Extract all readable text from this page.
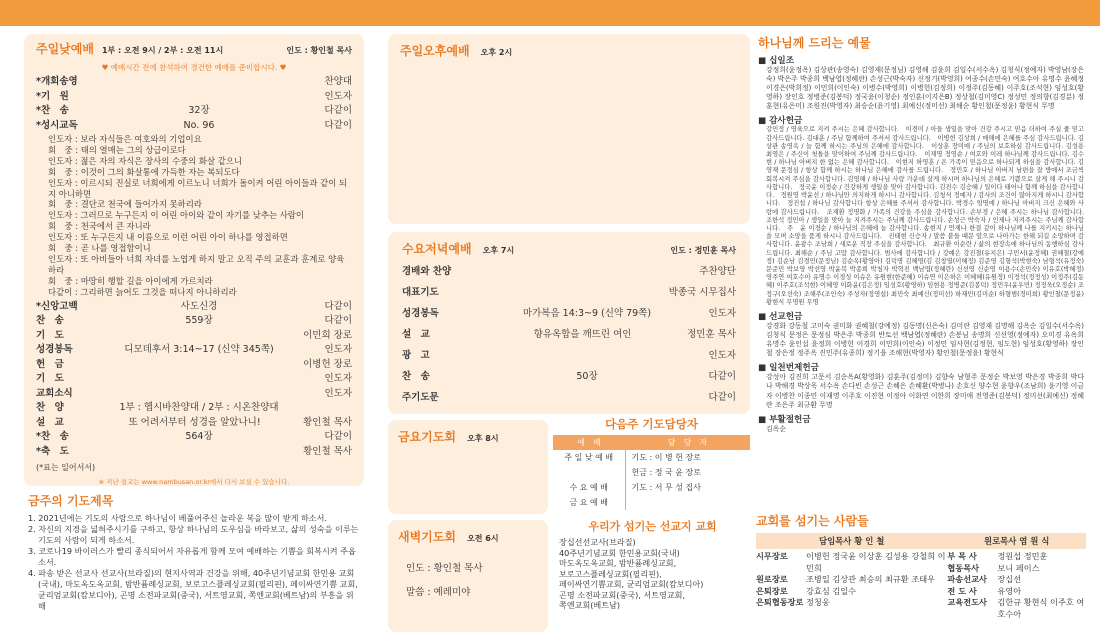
주일낮예배 1부 : 오전 9시 / 2부 : 오전 11시	인도 : 황인철 목사
♥ 예배시간 전에 참석하여 경건한 예배를 준비합시다. ♥
*개회송영	찬양대
*기　원	인도자
*찬　송	32장	다같이
*성시교독	No. 96	다같이
인도자 : 보라 자식들은 여호와의 기업이요
회　중 : 태의 열매는 그의 상급이로다
인도자 : 젊은 자의 자식은 장사의 수중의 화살 같으니
회　중 : 이것이 그의 화살통에 가득한 자는 복되도다
인도자 : 이르시되 진실로 너희에게 이르노니 너희가 돌이켜 어린 아이들과 같이 되지 아니하면
회　중 : 결단코 천국에 들어가지 못하리라
인도자 : 그러므로 누구든지 이 어린 아이와 같이 자기를 낮추는 사람이
회　중 : 천국에서 큰 자니라
인도자 : 또 누구든지 내 이름으로 이런 어린 아이 하나를 영접하면
회　중 : 곧 나를 영접함이니
인도자 : 또 아비들아 너희 자녀를 노엽게 하지 말고 오직 주의 교훈과 훈계로 양육하라
회　중 : 마땅히 행할 길을 아이에게 가르치라
다같이 : 그리하면 늙어도 그것을 떠나지 아니하리라
*신앙고백	사도신경	다같이
찬　송	559장	다같이
기　도	이민희 장로
성경봉독	디모데후서 3:14~17 (신약 345쪽)	인도자
헌　금	이병헌 장로
기　도	인도자
교회소식	인도자
찬　양	1부 : 헵시바찬양대 / 2부 : 시온찬양대
설　교	또 어려서부터 성경을 알았나니!	황인철 목사
*찬　송	564장	다같이
*축　도	황인철 목사
(*표는 일어서서)
※ 지난 설교는 www.nambusan.or.kr에서 다시 보실 수 있습니다.
금주의 기도제목
1. 2021년에는 기도의 사람으로 하나님이 베풀어주신 놀라운 복을 많이 받게 하소서.
2. 자신의 지경을 넓혀주시기를 구하고, 항상 하나님의 도우심을 바라보고, 삶의 성숙을 이루는 기도의 사람이 되게 하소서.
3. 코로나19 바이러스가 빨리 종식되어서 자유롭게 함께 모여 예배하는 기쁨을 회복시켜 주옵소서.
4. 파송 받은 선교사 선교사(브라질)의 현지사역과 건강을 위해, 40주년기념교회 한민용 교회(국내), 마도옥도옥교회, 밤반퓸례싱교회, 보로고스플레싱교회(필리핀), 페이싸연기쁨 교회, 균리엄교회(캄보디아), 곤명 소전파교회(중국), 서트영교회, 쪽엔교회(베트남)의 부흥을 위해
주일오후예배 오후 2시
수요저녁예배 오후 7시	인도 : 정민훈 목사
경배와 찬양	주찬양단
대표기도	박종국 시무집사
성경봉독	마가복음 14:3~9 (신약 79쪽)	인도자
설　교	향유옥합을 깨뜨린 여인	정민훈 목사
광　고	인도자
찬　송	50장	다같이
주기도문	다같이
금요기도회 오후 8시
다음주 기도담당자
예　배	담　당　자
주 일 낮 예 배	기도 : 이 병 헌 장로
	헌금 : 정 국 윤 장로
수 요 예 배	기도 : 서 무 성 집사
금 요 예 배	
새벽기도회 오전 6시
인도 : 황인철 목사
말씀 : 예레미야
우리가 섬기는 선교지 교회
장십선선교사(브라질)
40주년기념교회 한민용교회(국내)
마도옥도옥교회, 밤반퓸례싱교회,
보로고스플레싱교회(필리핀),
페이싸연기쁨교회, 균리엄교회(캄보디아)
곤명 소전파교회(중국), 서트영교회,
쪽엔교회(베트남)
하나님께 드리는 예물
■ 십일조
강정희(윤정옥) 김상관(송영숙) 김영재(문정님) 김영해 김윤희 김일수(서수옥) 김청식(정예자) 박영남(장은숙) 박은주 박종희 백남엽(정혜란) 손성근(박숙자) 신정기(박영희) 여종수(손민숙) 여호수아 유명수 윤혜정 이경은(박희정) 이민희(이인숙) 이병수(박영희) 이병헌(김정희) 이정주(김동혜) 이주호(조석현) 임성호(황영하) 장인호 정병준(김봉덕) 정국윤(이청순) 정인훈(이지은B) 정상철(김미영C) 정성민 정의향(김경분) 정훈현(유은미) 조원진(박영자) 최승순(윤기영) 최예신(정미선) 최해순 황인철(문정윤) 황현식 무명
■ 감사헌금
강민정 / 영육으로 지켜 주시는 은혜 감사합니다.　이경미 / 아들 생일을 맞아 건강 주시고 믿음 더하여 주실 줄 믿고 감사드립니다. 김대훈 / 주님 함께하여 주셔서 감사드립니다.　이병헌 김상희 / 매해에 은혜를 주심 감사드립니다. 김상관 송영옥 / 늘 함께 하시는 주님의 은혜에 감사합니다.　이상훈 장미애 / 주님의 보호하심 감사드립니다. 김성용 최영은 / 주신이 첫돌을 맞이하여 주님께 감사드립니다.　이재명 정영순 / 여호와 이레 하나님께 감사드립니다. 김수현 / 하나님 아버지 한 없는 은혜 감사합니다.　이현지 하영훈 / 온 가족이 믿음으로 하나되게 하심을 감사합니다. 김영재 문정심 / 항상 함께 하시는 하나님 은혜에 감사를 드립니다.　정민호 / 하나님 아버지 남편을 잘 방에서 조금씩 회복시켜 주심을 감사합니다. 김영해 / 하나님 사랑 가운데 살게 하시며 하나님의 은혜로 기쁨으로 살게 해 주시니 감사합니다.　정국윤 이정순 / 건강하게 생일을 맞아 감사합니다. 김진수 김승혜 / 일이다 태어나 함께 하심을 감사합니다.　정원영 박윤선 / 하나님만 의지하게 하시니 감사합니다. 김청식 정예자 / 감사의 조건이 많아지게 하시니 감사합니다.　정진섭 / 하나님 감사합니다 항상 은혜를 주셔서 감사합니다. 박경수 임명애 / 하나님 아버지 크신 은혜와 사랑에 감사드립니다.　조재환 정명화 / 가족의 건강을 주심을 감사합니다. 손부경 / 은혜 주시는 하나님 감사합니다.　조한석 정민아 / 생일을 맞아 늘 지켜주시는 주님께 감사드립니다. 손성근 박숙자 / 인제나 지켜주시는 주님께 감사합니다.　주　윤 이경순 / 하나님의 은혜에 늘 감사합니다. 송현지 / 언제나 한결 같이 하나님께 나를 지키시는 하나님을 모며 소망을 품게 하시니 감사드립니다.　진태현 신승자 / 말씀 붙들 때문 앞으로 나아가는 한해 되길 소망하며 감사합니다. 윤광수 조남희 / 새로운 직장 주심을 감사합니다.　최규환 이순란 / 삶의 현장속에 하나님의 동행하심 감사드립니다. 최해순 / 주님 고맙 감사합니다. 범사에 감사합니다 / 강예은 강진철(유지은) 구민서(윤정혜) 권혜철(강예정) 김순남 김경민(문정님) 김순옥(황영아) 김덕명 김혜영(김 김창열(이혜정) 김준영 김형석(박현숙) 남형석(유정숙) 문준민 박보영 박선영 박윤복 박종희 박청자 박혁진 백남엽(정혜란) 신선영 신순영 이용수(손민숙) 이유호(박혜정) 영주연 여호수아 유명수 이경성 이슈은 유원현(한준혜) 이슈연 이은하은 이혜혜(유원정) 이정석(정정성) 이정주(김동혜) 이주호(조석현) 이혜영 이화윤(김은정) 임성호(황영하) 임현용 정병준(김봉덕) 정민우(윤우민) 정정욱(오정순) 조정구(오선숙) 조해주(조인숙) 주성자(정영섭) 최민숙 최예신(정미선) 하재민(김미순) 하형범(정미희) 황인철(문정윤) 황현식 무명원 무명
■ 선교헌금
강경화 강동철 고미숙 권미화 권혜철(강예정) 김동명(신은숙) 김미란 김영재 김명해 김옥순 김일수(서수옥) 김청식 문정은 문정심 박은주 박종희 반토선 백남엽(정혜란) 손봉님 송명희 신선영(정예자) 오미경 유옥희 유명수 윤인섭 윤정희 이병헌 이경희 이민희(이인숙) 이정민 임사현(김정현, 임도현) 임성호(황영하) 장인철 장은정 정주옥 진민주(유종희) 정기융 조해현(박영자) 황인철(문정윤) 황현식
■ 일천번제헌금
강성아 김진희 고문서 김순옥A(황영화) 김훈주(김정미) 김향숙 남형주 문정순 박보영 박은경 박종희 박다나 박해경 박상욱 서수옥 손다빈 손성근 손혜은 손혜환(박병나) 손호신 양수현 윤향우(조남희) 윤기영 이금자 이병찬 이종민 이재명 이주호 이진현 이정아 이화연 이한희 장미애 전영준(김봉덕) 정미선(최예신) 정혜란 조은주 최규환 무명
■ 부활절헌금
김옥순
교회를 섬기는 사람들
담임목사 황 인 철	원로목사 염 원 식
시무장로	이병헌 정국윤 이상훈 김성용 강철희 이민희
원로장로	조병일 김상관 최승의 최규환 조태우
은퇴장로	강효심 김일수
은퇴협동장로 정청웅
부 목 사	정원섭 정민훈
협동목사	보니 페이스
파송선교사	장십선
전 도 사	유영아
교육전도사	김한규 황현식 이주호 여호수아
